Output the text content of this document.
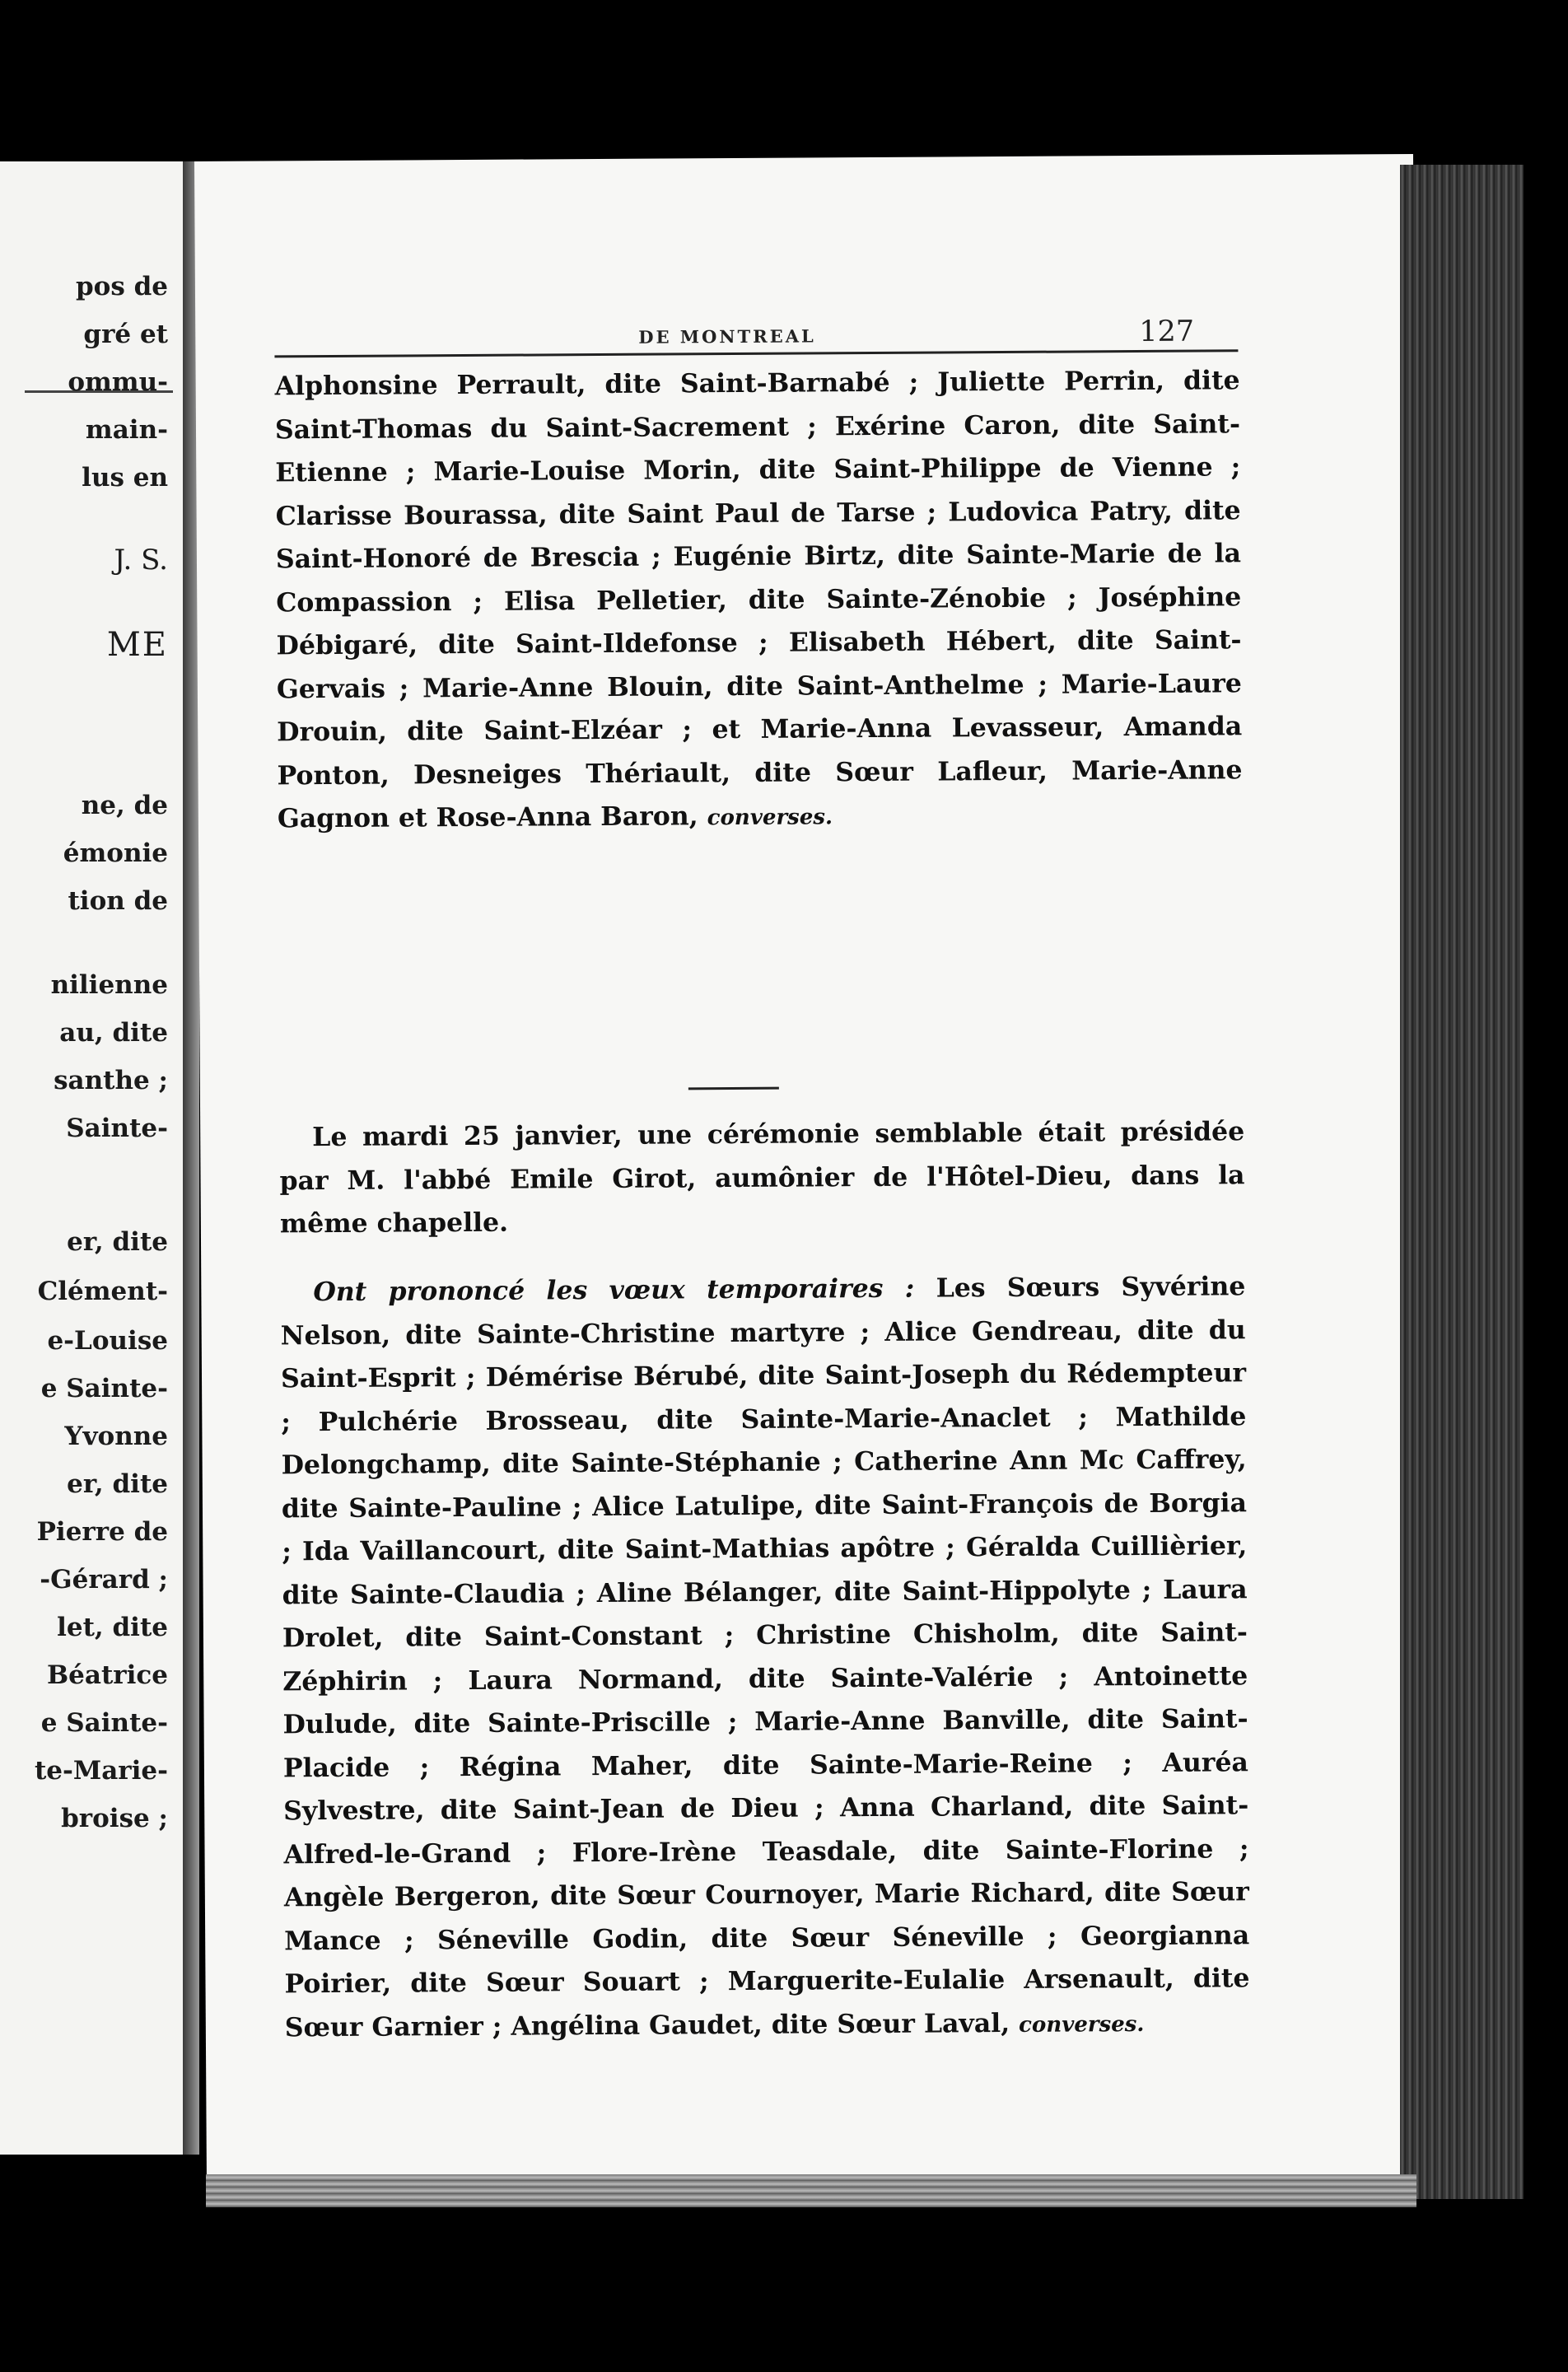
pos de
gré et
ommu-
main-
lus en
J. S.
ME
ne, de
émonie
tion de
nilienne
au, dite
santhe ;
Sainte-
er, dite
Clément-
e-Louise
e Sainte-
Yvonne
er, dite
Pierre de
-Gérard ;
let, dite
Béatrice
e Sainte-
te-Marie-
broise ;
DE MONTREAL	127

Alphonsine Perrault, dite Saint-Barnabé ; Juliette Perrin, dite Saint-Thomas du Saint-Sacrement ; Exérine Caron, dite Saint-Etienne ; Marie-Louise Morin, dite Saint-Philippe de Vienne ; Clarisse Bourassa, dite Saint Paul de Tarse ; Ludovica Patry, dite Saint-Honoré de Brescia ; Eugénie Birtz, dite Sainte-Marie de la Compassion ; Elisa Pelletier, dite Sainte-Zénobie ; Joséphine Débigaré, dite Saint-Ildefonse ; Elisabeth Hébert, dite Saint-Gervais ; Marie-Anne Blouin, dite Saint-Anthelme ; Marie-Laure Drouin, dite Saint-Elzéar ; et Marie-Anna Levasseur, Amanda Ponton, Desneiges Thériault, dite Sœur Lafleur, Marie-Anne Gagnon et Rose-Anna Baron, converses.

Le mardi 25 janvier, une cérémonie semblable était présidée par M. l'abbé Emile Girot, aumônier de l'Hôtel-Dieu, dans la même chapelle.

Ont prononcé les vœux temporaires : Les Sœurs Syvérine Nelson, dite Sainte-Christine martyre ; Alice Gendreau, dite du Saint-Esprit ; Démérise Bérubé, dite Saint-Joseph du Rédempteur ; Pulchérie Brosseau, dite Sainte-Marie-Anaclet ; Mathilde Delongchamp, dite Sainte-Stéphanie ; Catherine Ann Mc Caffrey, dite Sainte-Pauline ; Alice Latulipe, dite Saint-François de Borgia ; Ida Vaillancourt, dite Saint-Mathias apôtre ; Géralda Cuillièrier, dite Sainte-Claudia ; Aline Bélanger, dite Saint-Hippolyte ; Laura Drolet, dite Saint-Constant ; Christine Chisholm, dite Saint-Zéphirin ; Laura Normand, dite Sainte-Valérie ; Antoinette Dulude, dite Sainte-Priscille ; Marie-Anne Banville, dite Saint-Placide ; Régina Maher, dite Sainte-Marie-Reine ; Auréa Sylvestre, dite Saint-Jean de Dieu ; Anna Charland, dite Saint-Alfred-le-Grand ; Flore-Irène Teasdale, dite Sainte-Florine ; Angèle Bergeron, dite Sœur Cournoyer, Marie Richard, dite Sœur Mance ; Séneville Godin, dite Sœur Séneville ; Georgianna Poirier, dite Sœur Souart ; Marguerite-Eulalie Arsenault, dite Sœur Garnier ; Angélina Gaudet, dite Sœur Laval, converses.
